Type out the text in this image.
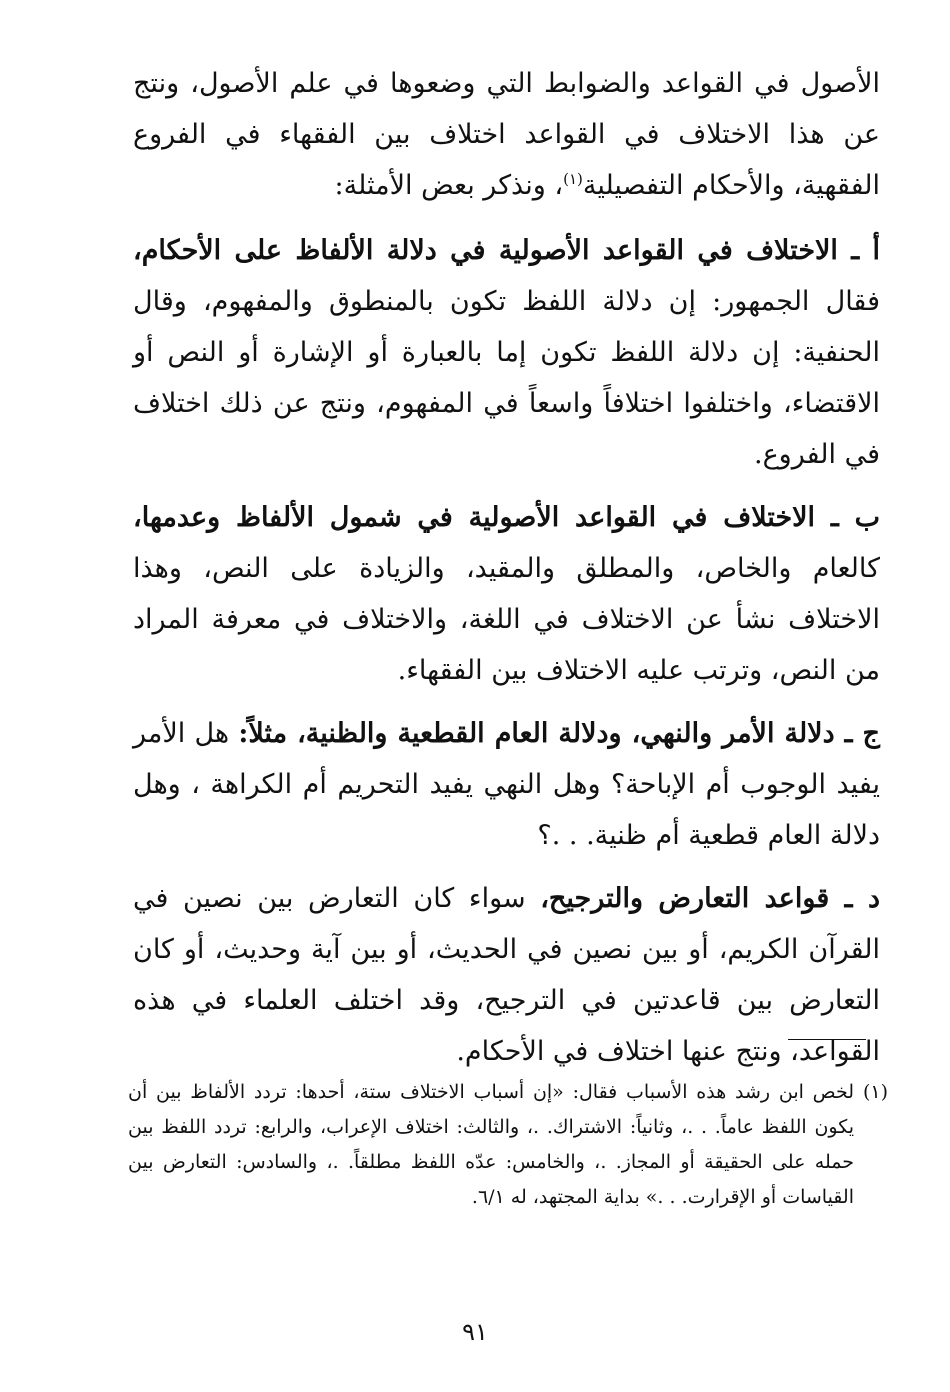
الأصول في القواعد والضوابط التي وضعوها في علم الأصول، ونتج عن هذا الاختلاف في القواعد اختلاف بين الفقهاء في الفروع الفقهية، والأحكام التفصيلية$^{(١)}$، ونذكر بعض الأمثلة:

أ ـ الاختلاف في القواعد الأصولية في دلالة الألفاظ على الأحكام، فقال الجمهور: إن دلالة اللفظ تكون بالمنطوق والمفهوم، وقال الحنفية: إن دلالة اللفظ تكون إما بالعبارة أو الإشارة أو النص أو الاقتضاء، واختلفوا اختلافاً واسعاً في المفهوم، ونتج عن ذلك اختلاف في الفروع.

ب ـ الاختلاف في القواعد الأصولية في شمول الألفاظ وعدمها، كالعام والخاص، والمطلق والمقيد، والزيادة على النص، وهذا الاختلاف نشأ عن الاختلاف في اللغة، والاختلاف في معرفة المراد من النص، وترتب عليه الاختلاف بين الفقهاء.

ج ـ دلالة الأمر والنهي، ودلالة العام القطعية والظنية، مثلاً: هل الأمر يفيد الوجوب أم الإباحة؟ وهل النهي يفيد التحريم أم الكراهة ، وهل دلالة العام قطعية أم ظنية. . .؟

د ـ قواعد التعارض والترجيح، سواء كان التعارض بين نصين في القرآن الكريم، أو بين نصين في الحديث، أو بين آية وحديث، أو كان التعارض بين قاعدتين في الترجيح، وقد اختلف العلماء في هذه القواعد، ونتج عنها اختلاف في الأحكام.

(١)
لخص ابن رشد هذه الأسباب فقال: «إن أسباب الاختلاف ستة، أحدها: تردد الألفاظ بين أن يكون اللفظ عاماً. . .، وثانياً: الاشتراك. .، والثالث: اختلاف الإعراب، والرابع: تردد اللفظ بين حمله على الحقيقة أو المجاز. .، والخامس: عدّه اللفظ مطلقاً. .، والسادس: التعارض بين القياسات أو الإقرارت. . .» بداية المجتهد، له ٦/١.
٩١
